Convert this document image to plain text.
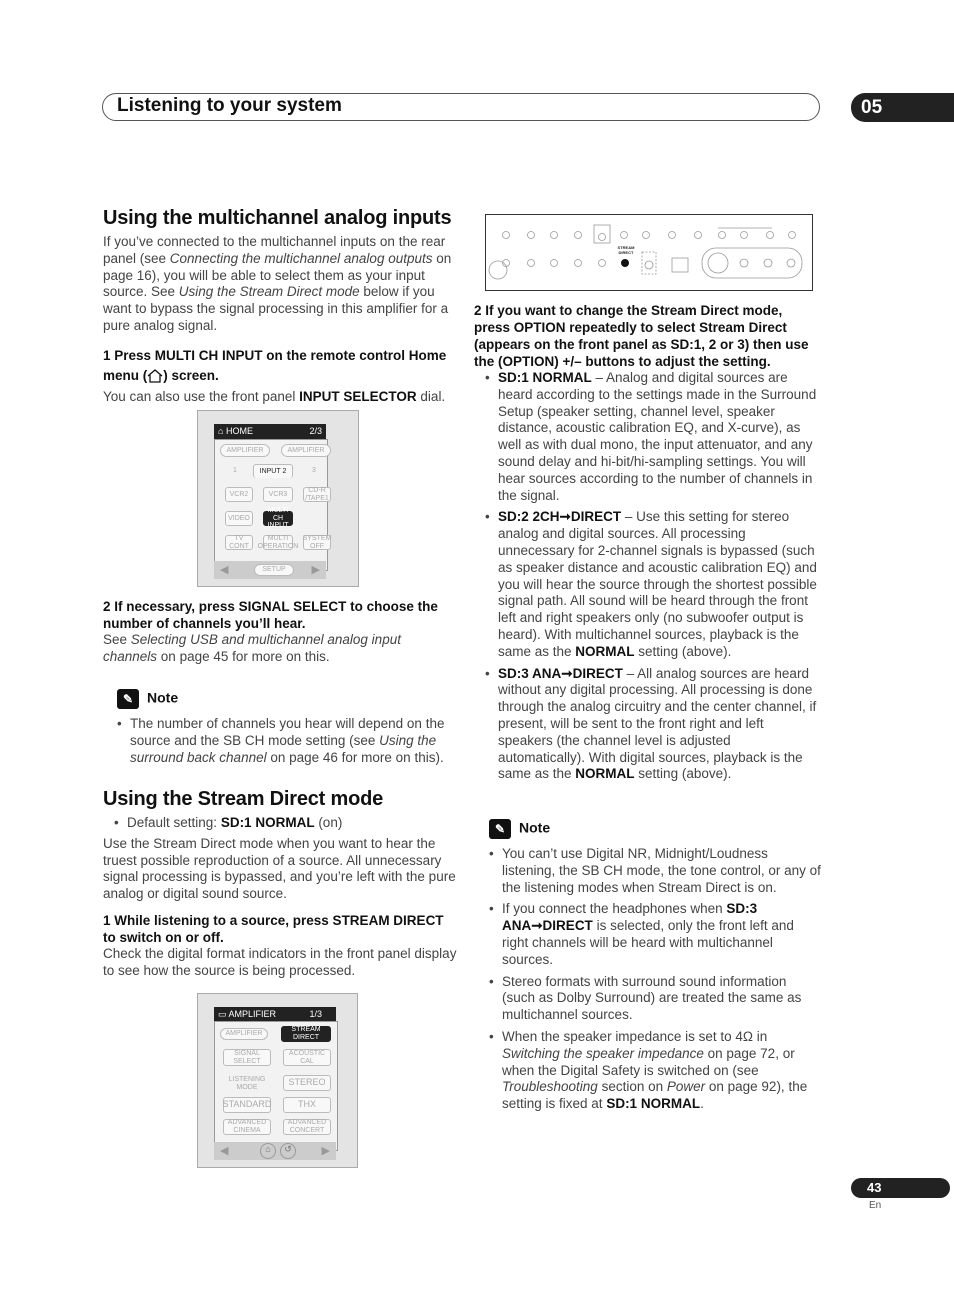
Listening to your system	05
Using the multichannel analog inputs
If you’ve connected to the multichannel inputs on the rear panel (see Connecting the multichannel analog outputs on page 16), you will be able to select them as your input source. See Using the Stream Direct mode below if you want to bypass the signal processing in this amplifier for a pure analog signal.
1 Press MULTI CH INPUT on the remote control Home menu ( ) screen.
You can also use the front panel INPUT SELECTOR dial.
⌂ HOME	2/3
AMPLIFIER	AMPLIFIER
1	INPUT 2	3
VCR2	VCR3
CD-R /TAPE1
VIDEO
MULTI CH INPUT
TV CONT
MULTI OPERATION
SYSTEM OFF
◀	SETUP	▶
2 If necessary, press SIGNAL SELECT to choose the number of channels you’ll hear.
See Selecting USB and multichannel analog input channels on page 45 for more on this.
✎ Note
• The number of channels you hear will depend on the source and the SB CH mode setting (see Using the surround back channel on page 46 for more on this).
Using the Stream Direct mode
• Default setting: SD:1 NORMAL (on)
Use the Stream Direct mode when you want to hear the truest possible reproduction of a source. All unnecessary signal processing is bypassed, and you’re left with the pure analog or digital sound source.
1 While listening to a source, press STREAM DIRECT to switch on or off.
Check the digital format indicators in the front panel display to see how the source is being processed.
▭ AMPLIFIER	1/3
AMPLIFIER
STREAM DIRECT
SIGNAL SELECT
ACOUSTIC CAL
LISTENING MODE	STEREO
STANDARD	THX
ADVANCED CINEMA
ADVANCED CONCERT
◀	⌂	↺	▶
STREAM DIRECT
2 If you want to change the Stream Direct mode, press OPTION repeatedly to select Stream Direct (appears on the front panel as SD:1, 2 or 3) then use the (OPTION) +/– buttons to adjust the setting.
• SD:1 NORMAL – Analog and digital sources are heard according to the settings made in the Surround Setup (speaker setting, channel level, speaker distance, acoustic calibration EQ, and X-curve), as well as with dual mono, the input attenuator, and any sound delay and hi-bit/hi-sampling settings. You will hear sources according to the number of channels in the signal.
• SD:2 2CH➞DIRECT – Use this setting for stereo analog and digital sources. All processing unnecessary for 2-channel signals is bypassed (such as speaker distance and acoustic calibration EQ) and you will hear the source through the shortest possible signal path. All sound will be heard through the front left and right speakers only (no subwoofer output is heard). With multichannel sources, playback is the same as the NORMAL setting (above).
• SD:3 ANA➞DIRECT – All analog sources are heard without any digital processing. All processing is done through the analog circuitry and the center channel, if present, will be sent to the front right and left speakers (the channel level is adjusted automatically). With digital sources, playback is the same as the NORMAL setting (above).
✎ Note
• You can’t use Digital NR, Midnight/Loudness listening, the SB CH mode, the tone control, or any of the listening modes when Stream Direct is on.
• If you connect the headphones when SD:3 ANA➞DIRECT is selected, only the front left and right channels will be heard with multichannel sources.
• Stereo formats with surround sound information (such as Dolby Surround) are treated the same as multichannel sources.
• When the speaker impedance is set to 4Ω in Switching the speaker impedance on page 72, or when the Digital Safety is switched on (see Troubleshooting section on Power on page 92), the setting is fixed at SD:1 NORMAL.
43
En
